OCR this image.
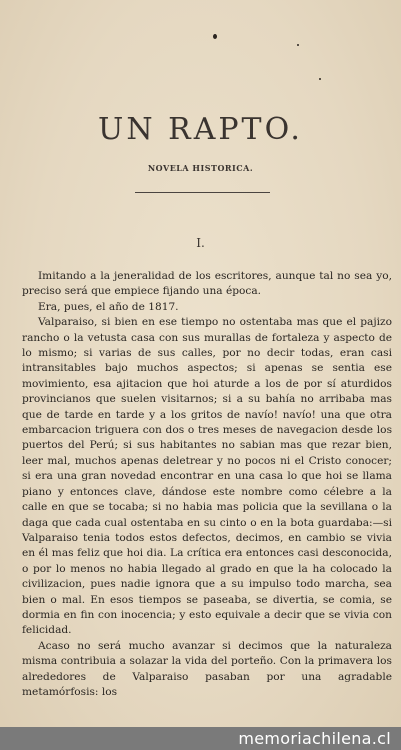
UN RAPTO.
NOVELA HISTORICA.
I.

Imitando a la jeneralidad de los escritores, aunque tal no sea yo, preciso será que empiece fijando una época.

Era, pues, el año de 1817.

Valparaiso, si bien en ese tiempo no ostentaba mas que el pajizo rancho o la vetusta casa con sus murallas de fortaleza y aspecto de lo mismo; si varias de sus calles, por no decir todas, eran casi intransitables bajo muchos aspectos; si apenas se sentia ese movimiento, esa ajitacion que hoi aturde a los de por sí aturdidos provincianos que suelen visitarnos; si a su bahía no arribaba mas que de tarde en tarde y a los gritos de navío! navío! una que otra embarcacion triguera con dos o tres meses de navegacion desde los puertos del Perú; si sus habitantes no sabian mas que rezar bien, leer mal, muchos apenas deletrear y no pocos ni el Cristo conocer; si era una gran novedad encontrar en una casa lo que hoi se llama piano y entonces clave, dándose este nombre como célebre a la calle en que se tocaba; si no habia mas policia que la sevillana o la daga que cada cual ostentaba en su cinto o en la bota guardaba:—si Valparaiso tenia todos estos defectos, decimos, en cambio se vivia en él mas feliz que hoi dia. La crítica era entonces casi desconocida, o por lo menos no habia llegado al grado en que la ha colocado la civilizacion, pues nadie ignora que a su impulso todo marcha, sea bien o mal. En esos tiempos se paseaba, se divertia, se comia, se dormia en fin con inocencia; y esto equivale a decir que se vivia con felicidad.

Acaso no será mucho avanzar si decimos que la naturaleza misma contribuia a solazar la vida del porteño. Con la primavera los alrededores de Valparaiso pasaban por una agradable metamórfosis: los

memoriachilena.cl
